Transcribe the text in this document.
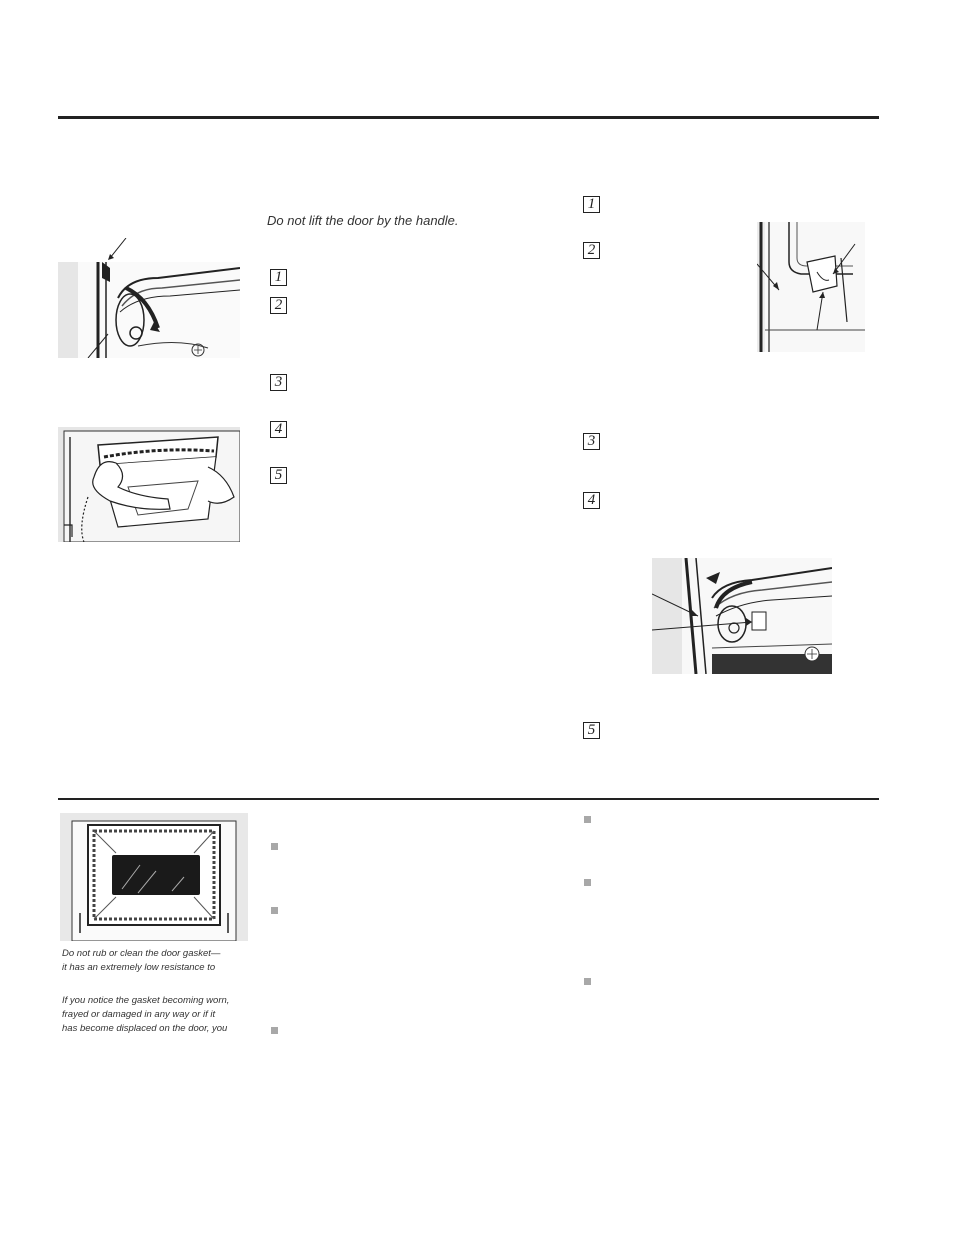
Do not lift the door by the handle.
1
2
3
4
5
1
2
3
4
5
Do not rub or clean the door gasket—
it has an extremely low resistance to
If you notice the gasket becoming worn,
frayed or damaged in any way or if it
has become displaced on the door, you
